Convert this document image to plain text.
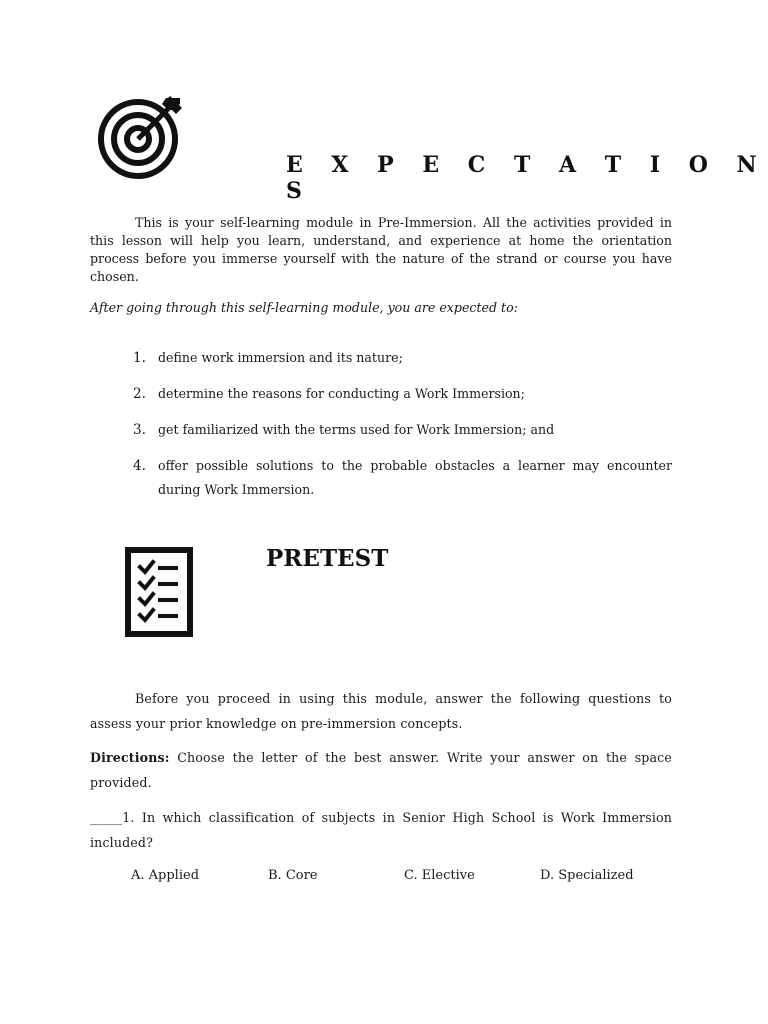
E X P E C T A T I O N S

This is your self-learning module in Pre-Immersion. All the activities provided in this lesson will help you learn, understand, and experience at home the orientation process before you immerse yourself with the nature of the strand or course you have chosen.

After going through this self-learning module, you are expected to:

1. define work immersion and its nature;
2. determine the reasons for conducting a Work Immersion;
3. get familiarized with the terms used for Work Immersion; and
4. offer possible solutions to the probable obstacles a learner may encounter during Work Immersion.
PRETEST

Before you proceed in using this module, answer the following questions to assess your prior knowledge on pre-immersion concepts.

Directions: Choose the letter of the best answer. Write your answer on the space provided.

_____1. In which classification of subjects in Senior High School is Work Immersion included?

A. Applied	B. Core	C. Elective	D. Specialized
